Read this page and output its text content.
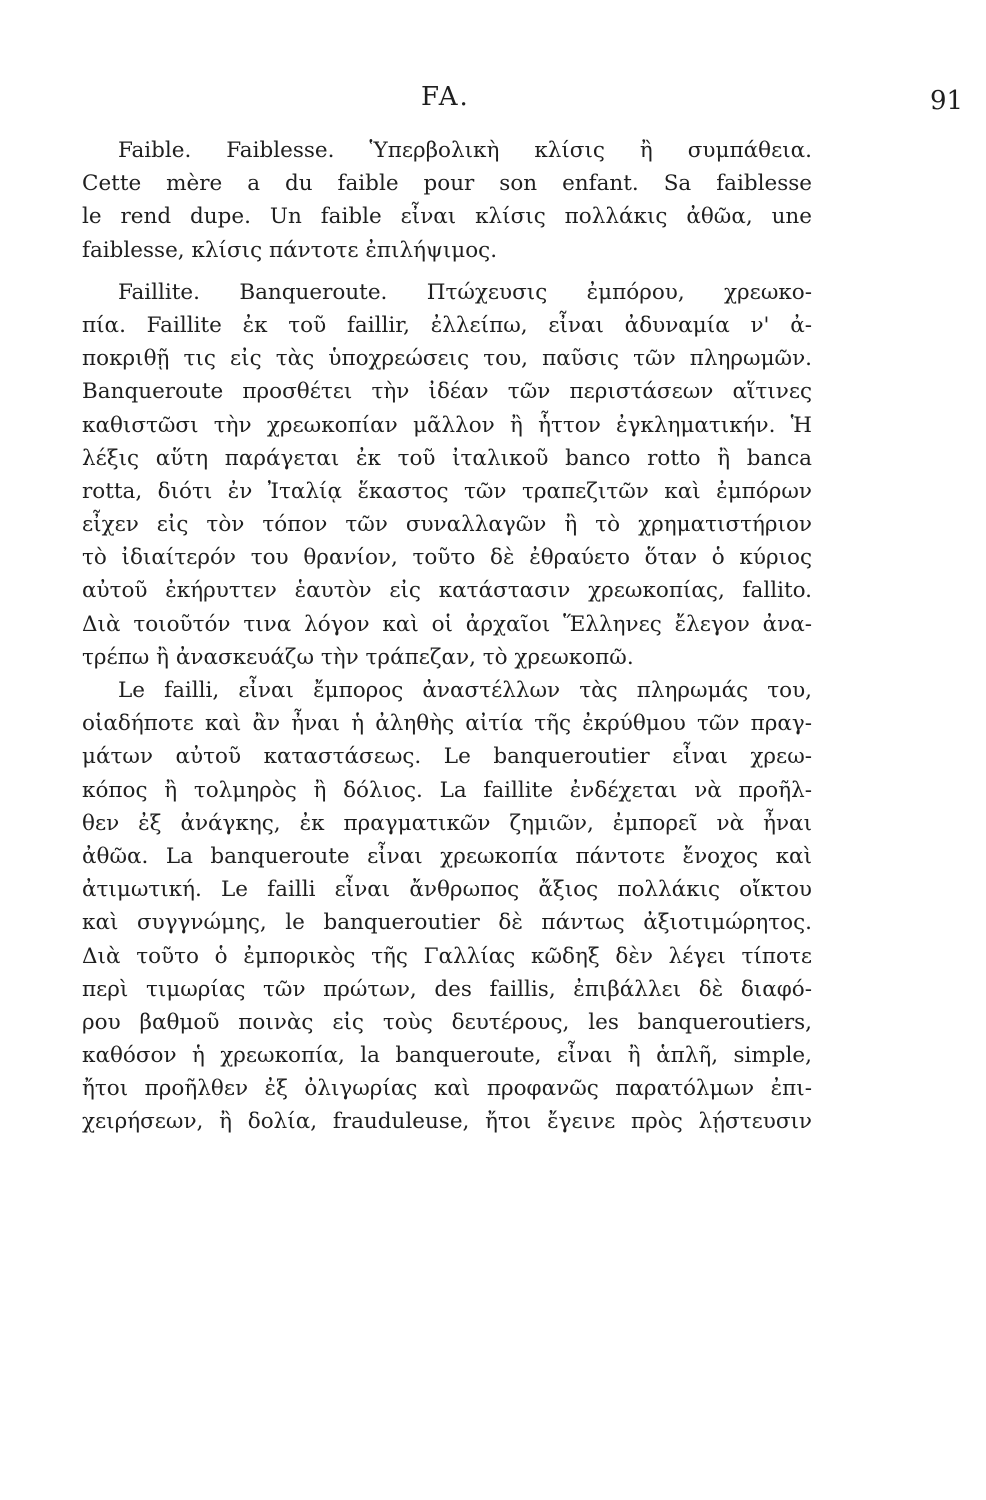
FA.	91
Faible. Faiblesse. Ὑπερβολικὴ κλίσις ἢ συμπάθεια.
Cette mère a du faible pour son enfant. Sa faiblesse
le rend dupe. Un faible εἶναι κλίσις πολλάκις ἀθῶα, une
faiblesse, κλίσις πάντοτε ἐπιλήψιμος.
Faillite. Banqueroute. Πτώχευσις ἐμπόρου, χρεωκο-
πία. Faillite ἐκ τοῦ faillir, ἐλλείπω, εἶναι ἀδυναμία ν' ἀ-
ποκριθῇ τις εἰς τὰς ὑποχρεώσεις του, παῦσις τῶν πληρωμῶν.
Banqueroute προσθέτει τὴν ἰδέαν τῶν περιστάσεων αἵτινες
καθιστῶσι τὴν χρεωκοπίαν μᾶλλον ἢ ἧττον ἐγκληματικήν. Ἡ
λέξις αὕτη παράγεται ἐκ τοῦ ἰταλικοῦ banco rotto ἢ banca
rotta, διότι ἐν Ἰταλίᾳ ἕκαστος τῶν τραπεζιτῶν καὶ ἐμπόρων
εἶχεν εἰς τὸν τόπον τῶν συναλλαγῶν ἢ τὸ χρηματιστήριον
τὸ ἰδιαίτερόν του θρανίον, τοῦτο δὲ ἐθραύετο ὅταν ὁ κύριος
αὐτοῦ ἐκήρυττεν ἑαυτὸν εἰς κατάστασιν χρεωκοπίας, fallito.
Διὰ τοιοῦτόν τινα λόγον καὶ οἱ ἀρχαῖοι Ἕλληνες ἔλεγον ἀνα-
τρέπω ἢ ἀνασκευάζω τὴν τράπεζαν, τὸ χρεωκοπῶ.
Le failli, εἶναι ἔμπορος ἀναστέλλων τὰς πληρωμάς του,
οἱαδήποτε καὶ ἂν ἦναι ἡ ἀληθὴς αἰτία τῆς ἐκρύθμου τῶν πραγ-
μάτων αὐτοῦ καταστάσεως. Le banqueroutier εἶναι χρεω-
κόπος ἢ τολμηρὸς ἢ δόλιος. La faillite ἐνδέχεται νὰ προῆλ-
θεν ἐξ ἀνάγκης, ἐκ πραγματικῶν ζημιῶν, ἐμπορεῖ νὰ ἦναι
ἀθῶα. La banqueroute εἶναι χρεωκοπία πάντοτε ἔνοχος καὶ
ἀτιμωτική. Le failli εἶναι ἄνθρωπος ἄξιος πολλάκις οἴκτου
καὶ συγγνώμης, le banqueroutier δὲ πάντως ἀξιοτιμώρητος.
Διὰ τοῦτο ὁ ἐμπορικὸς τῆς Γαλλίας κῶδηξ δὲν λέγει τίποτε
περὶ τιμωρίας τῶν πρώτων, des faillis, ἐπιβάλλει δὲ διαφό-
ρου βαθμοῦ ποινὰς εἰς τοὺς δευτέρους, les banqueroutiers,
καθόσον ἡ χρεωκοπία, la banqueroute, εἶναι ἢ ἁπλῆ, simple,
ἤτοι προῆλθεν ἐξ ὀλιγωρίας καὶ προφανῶς παρατόλμων ἐπι-
χειρήσεων, ἢ δολία, frauduleuse, ἤτοι ἔγεινε πρὸς λῄστευσιν
